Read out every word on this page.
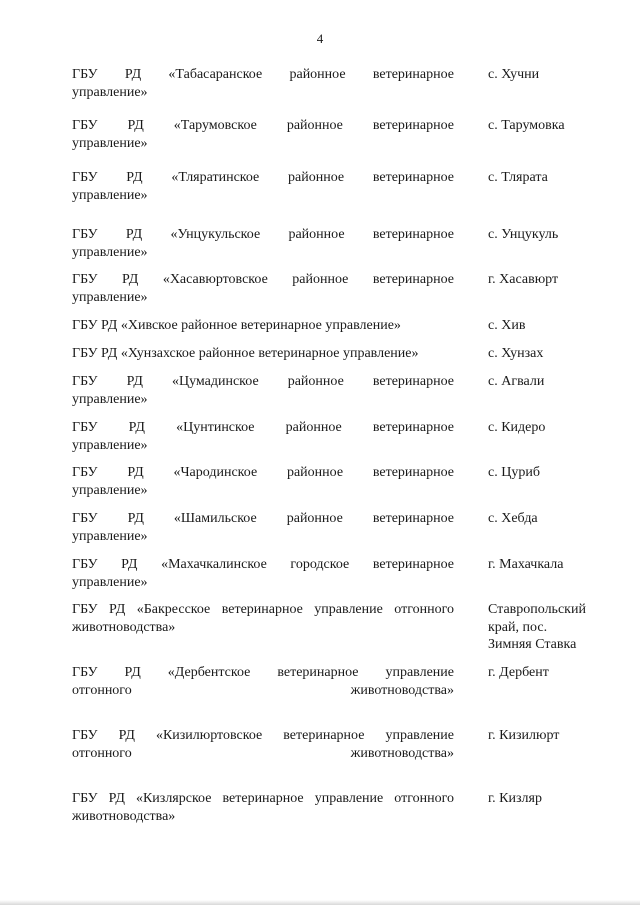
4
ГБУ РД «Табасаранское районное ветеринарное
управление»
с. Хучни
ГБУ РД «Тарумовское районное ветеринарное
управление»
с. Тарумовка
ГБУ РД «Тляратинское районное ветеринарное
управление»
с. Тлярата
ГБУ РД «Унцукульское районное ветеринарное
управление»
с. Унцукуль
ГБУ РД «Хасавюртовское районное ветеринарное
управление»
г. Хасавюрт
ГБУ РД «Хивское районное ветеринарное управление»	с. Хив
ГБУ РД «Хунзахское районное ветеринарное управление»	с. Хунзах
ГБУ РД «Цумадинское районное ветеринарное
управление»
с. Агвали
ГБУ РД «Цунтинское районное ветеринарное
управление»
с. Кидеро
ГБУ РД «Чародинское районное ветеринарное
управление»
с. Цуриб
ГБУ РД «Шамильское районное ветеринарное
управление»
с. Хебда
ГБУ РД «Махачкалинское городское ветеринарное
управление»
г. Махачкала
ГБУ РД «Бакресское ветеринарное управление отгонного
животноводства»
Ставропольский
край, пос.
Зимняя Ставка
ГБУ РД «Дербентское ветеринарное управление
отгонного животноводства»
г. Дербент
ГБУ РД «Кизилюртовское ветеринарное управление
отгонного животноводства»
г. Кизилюрт
ГБУ РД «Кизлярское ветеринарное управление отгонного
животноводства»
г. Кизляр
